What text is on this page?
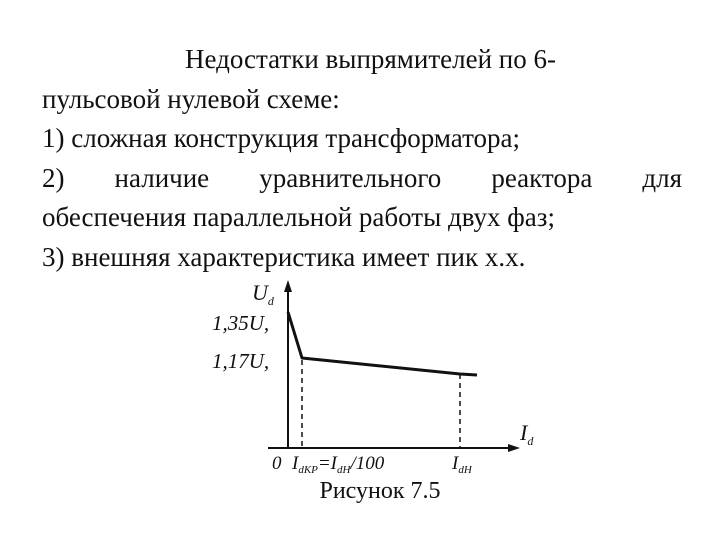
Недостатки выпрямителей по 6-
пульсовой нулевой схеме:
1) сложная конструкция трансформатора;
2) наличие уравнительного реактора для
обеспечения параллельной работы двух фаз;
3) внешняя характеристика имеет пик х.х.
$U_d$
$I_d$
1,35U,
1,17U,
0 $I_{dКР}=I_{dH}/100$	$I_{dH}$
Рисунок 7.5
